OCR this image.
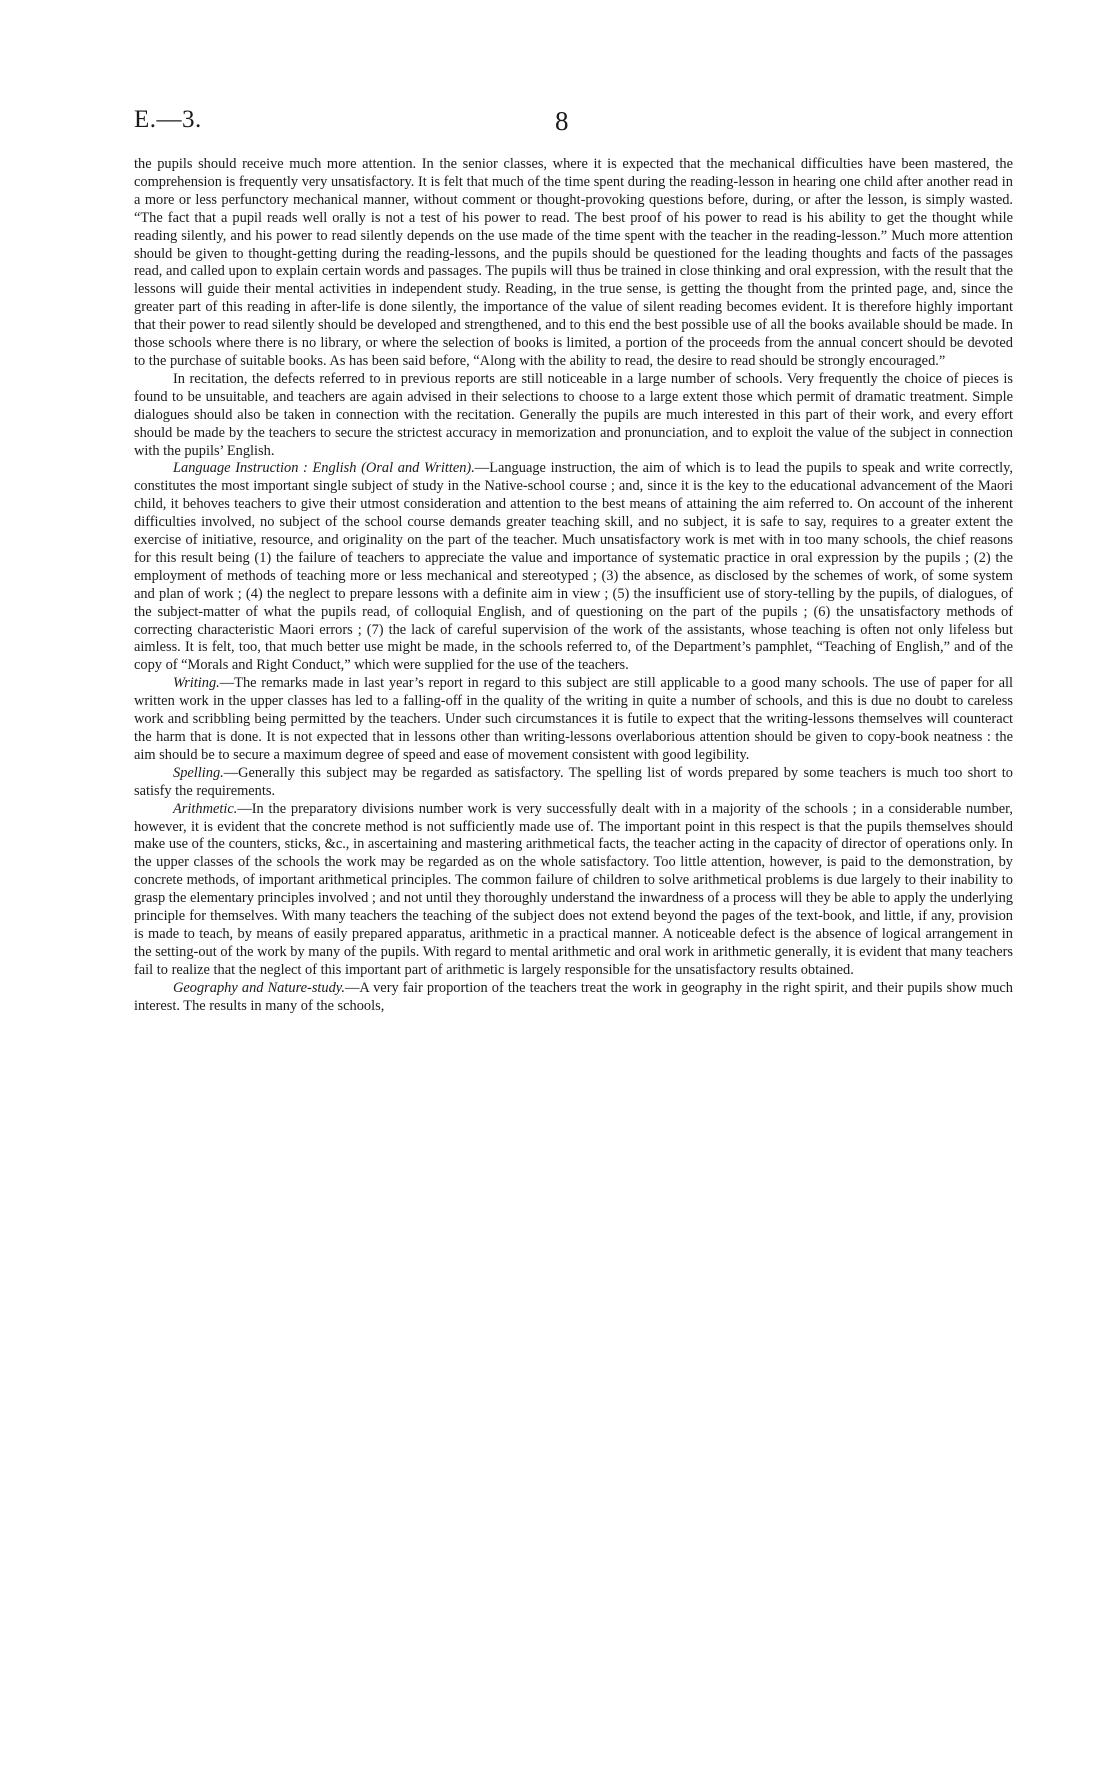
E.—3.	8

the pupils should receive much more attention. In the senior classes, where it is expected that the mechanical difficulties have been mastered, the comprehension is frequently very unsatisfactory. It is felt that much of the time spent during the reading-lesson in hearing one child after another read in a more or less perfunctory mechanical manner, without comment or thought-provoking questions before, during, or after the lesson, is simply wasted. “The fact that a pupil reads well orally is not a test of his power to read. The best proof of his power to read is his ability to get the thought while reading silently, and his power to read silently depends on the use made of the time spent with the teacher in the reading-lesson.” Much more attention should be given to thought-getting during the reading-lessons, and the pupils should be questioned for the leading thoughts and facts of the passages read, and called upon to explain certain words and passages. The pupils will thus be trained in close thinking and oral expression, with the result that the lessons will guide their mental activities in independent study. Reading, in the true sense, is getting the thought from the printed page, and, since the greater part of this reading in after-life is done silently, the importance of the value of silent reading becomes evident. It is therefore highly important that their power to read silently should be developed and strengthened, and to this end the best possible use of all the books available should be made. In those schools where there is no library, or where the selection of books is limited, a portion of the proceeds from the annual concert should be devoted to the purchase of suitable books. As has been said before, “Along with the ability to read, the desire to read should be strongly encouraged.”

In recitation, the defects referred to in previous reports are still noticeable in a large number of schools. Very frequently the choice of pieces is found to be unsuitable, and teachers are again advised in their selections to choose to a large extent those which permit of dramatic treatment. Simple dialogues should also be taken in connection with the recitation. Generally the pupils are much interested in this part of their work, and every effort should be made by the teachers to secure the strictest accuracy in memorization and pronunciation, and to exploit the value of the subject in connection with the pupils’ English.

Language Instruction : English (Oral and Written).—Language instruction, the aim of which is to lead the pupils to speak and write correctly, constitutes the most important single subject of study in the Native-school course ; and, since it is the key to the educational advancement of the Maori child, it behoves teachers to give their utmost consideration and attention to the best means of attaining the aim referred to. On account of the inherent difficulties involved, no subject of the school course demands greater teaching skill, and no subject, it is safe to say, requires to a greater extent the exercise of initiative, resource, and originality on the part of the teacher. Much unsatisfactory work is met with in too many schools, the chief reasons for this result being (1) the failure of teachers to appreciate the value and importance of systematic practice in oral expression by the pupils ; (2) the employment of methods of teaching more or less mechanical and stereotyped ; (3) the absence, as disclosed by the schemes of work, of some system and plan of work ; (4) the neglect to prepare lessons with a definite aim in view ; (5) the insufficient use of story-telling by the pupils, of dialogues, of the subject-matter of what the pupils read, of colloquial English, and of questioning on the part of the pupils ; (6) the unsatisfactory methods of correcting characteristic Maori errors ; (7) the lack of careful supervision of the work of the assistants, whose teaching is often not only lifeless but aimless. It is felt, too, that much better use might be made, in the schools referred to, of the Department’s pamphlet, “Teaching of English,” and of the copy of “Morals and Right Conduct,” which were supplied for the use of the teachers.

Writing.—The remarks made in last year’s report in regard to this subject are still applicable to a good many schools. The use of paper for all written work in the upper classes has led to a falling-off in the quality of the writing in quite a number of schools, and this is due no doubt to careless work and scribbling being permitted by the teachers. Under such circumstances it is futile to expect that the writing-lessons themselves will counteract the harm that is done. It is not expected that in lessons other than writing-lessons overlaborious attention should be given to copy-book neatness : the aim should be to secure a maximum degree of speed and ease of movement consistent with good legibility.

Spelling.—Generally this subject may be regarded as satisfactory. The spelling list of words prepared by some teachers is much too short to satisfy the requirements.

Arithmetic.—In the preparatory divisions number work is very successfully dealt with in a majority of the schools ; in a considerable number, however, it is evident that the concrete method is not sufficiently made use of. The important point in this respect is that the pupils themselves should make use of the counters, sticks, &c., in ascertaining and mastering arithmetical facts, the teacher acting in the capacity of director of operations only. In the upper classes of the schools the work may be regarded as on the whole satisfactory. Too little attention, however, is paid to the demonstration, by concrete methods, of important arithmetical principles. The common failure of children to solve arithmetical problems is due largely to their inability to grasp the elementary principles involved ; and not until they thoroughly understand the inwardness of a process will they be able to apply the underlying principle for themselves. With many teachers the teaching of the subject does not extend beyond the pages of the text-book, and little, if any, provision is made to teach, by means of easily prepared apparatus, arithmetic in a practical manner. A noticeable defect is the absence of logical arrangement in the setting-out of the work by many of the pupils. With regard to mental arithmetic and oral work in arithmetic generally, it is evident that many teachers fail to realize that the neglect of this important part of arithmetic is largely responsible for the unsatisfactory results obtained.

Geography and Nature-study.—A very fair proportion of the teachers treat the work in geography in the right spirit, and their pupils show much interest. The results in many of the schools,
